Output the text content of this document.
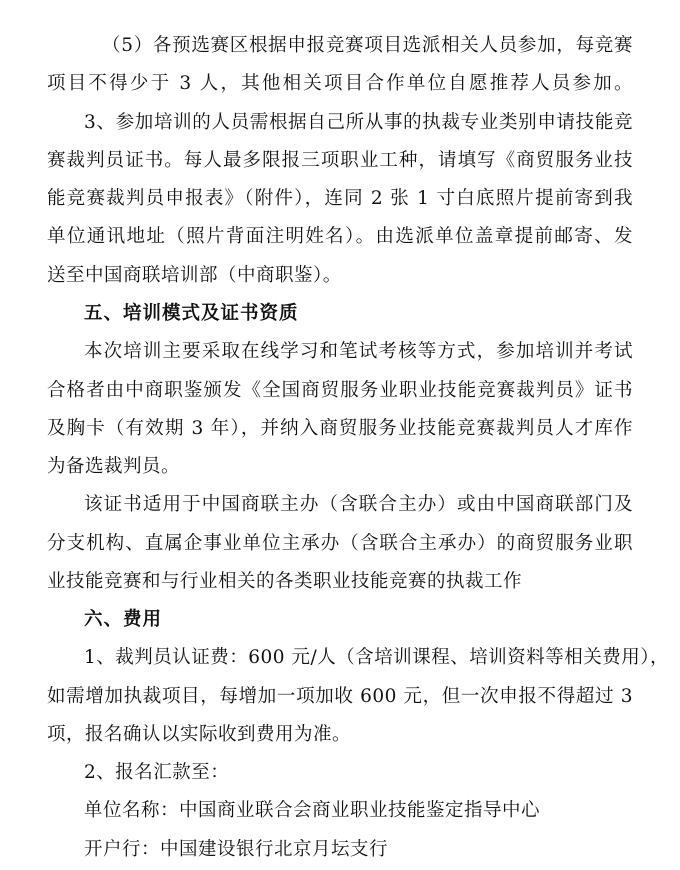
（5）各预选赛区根据申报竞赛项目选派相关人员参加，每竞赛
项目不得少于 3 人，其他相关项目合作单位自愿推荐人员参加。
3、参加培训的人员需根据自己所从事的执裁专业类别申请技能竞
赛裁判员证书。每人最多限报三项职业工种，请填写《商贸服务业技
能竞赛裁判员申报表》（附件），连同 2 张 1 寸白底照片提前寄到我
单位通讯地址（照片背面注明姓名）。由选派单位盖章提前邮寄、发
送至中国商联培训部（中商职鉴）。
五、培训模式及证书资质
本次培训主要采取在线学习和笔试考核等方式，参加培训并考试
合格者由中商职鉴颁发《全国商贸服务业职业技能竞赛裁判员》证书
及胸卡（有效期 3 年），并纳入商贸服务业技能竞赛裁判员人才库作
为备选裁判员。
该证书适用于中国商联主办（含联合主办）或由中国商联部门及
分支机构、直属企事业单位主承办（含联合主承办）的商贸服务业职
业技能竞赛和与行业相关的各类职业技能竞赛的执裁工作
六、费用
1、裁判员认证费：600 元/人（含培训课程、培训资料等相关费用），
如需增加执裁项目，每增加一项加收 600 元，但一次申报不得超过 3
项，报名确认以实际收到费用为准。
2、报名汇款至：
单位名称：中国商业联合会商业职业技能鉴定指导中心
开户行：中国建设银行北京月坛支行
